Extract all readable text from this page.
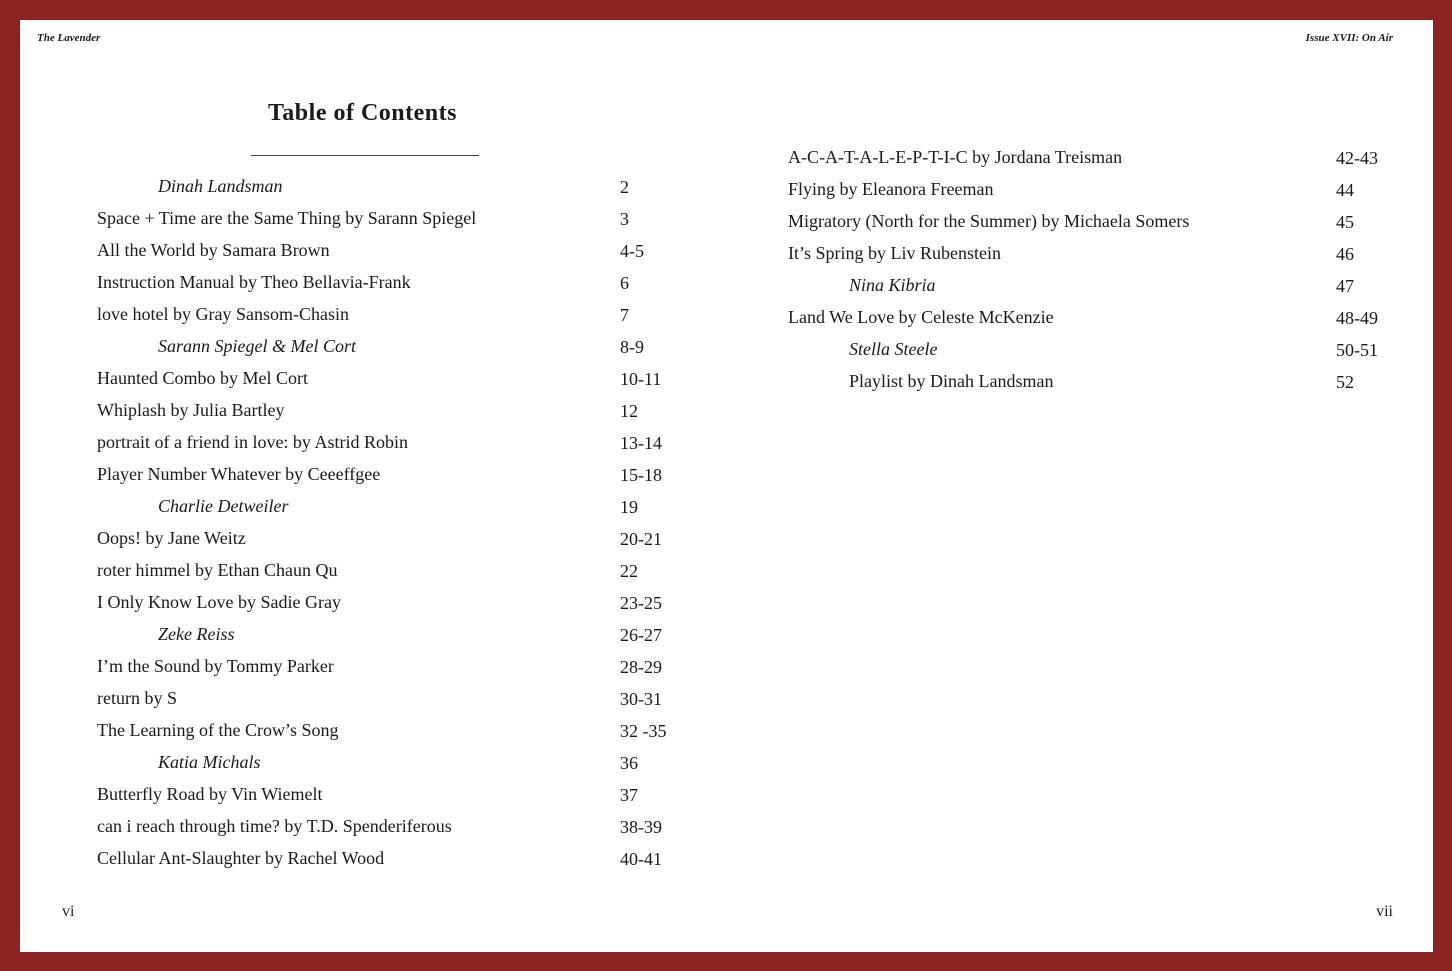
The Lavender	Issue XVII: On Air
Table of Contents
Dinah Landsman	2
Space + Time are the Same Thing by Sarann Spiegel	3
All the World by Samara Brown	4-5
Instruction Manual by Theo Bellavia-Frank	6
love hotel by Gray Sansom-Chasin	7
Sarann Spiegel & Mel Cort	8-9
Haunted Combo by Mel Cort	10-11
Whiplash by Julia Bartley	12
portrait of a friend in love: by Astrid Robin	13-14
Player Number Whatever by Ceeeffgee	15-18
Charlie Detweiler	19
Oops! by Jane Weitz	20-21
roter himmel by Ethan Chaun Qu	22
I Only Know Love by Sadie Gray	23-25
Zeke Reiss	26-27
I’m the Sound by Tommy Parker	28-29
return by S	30-31
The Learning of the Crow’s Song	32 -35
Katia Michals	36
Butterfly Road by Vin Wiemelt	37
can i reach through time? by T.D. Spenderiferous	38-39
Cellular Ant-Slaughter by Rachel Wood	40-41
A-C-A-T-A-L-E-P-T-I-C by Jordana Treisman	42-43
Flying by Eleanora Freeman	44
Migratory (North for the Summer) by Michaela Somers	45
It’s Spring by Liv Rubenstein	46
Nina Kibria	47
Land We Love by Celeste McKenzie	48-49
Stella Steele	50-51
Playlist by Dinah Landsman	52
vi	vii
